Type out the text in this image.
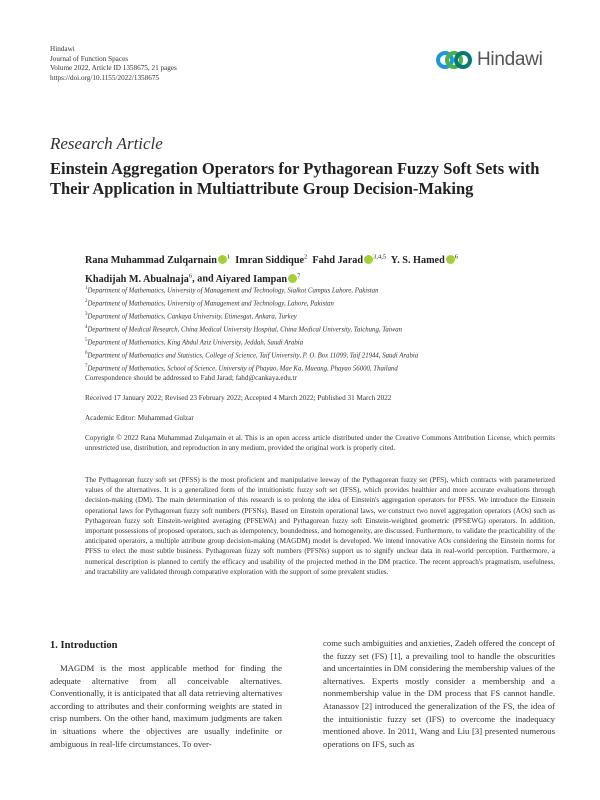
Hindawi
Journal of Function Spaces
Volume 2022, Article ID 1358675, 21 pages
https://doi.org/10.1155/2022/1358675
Hindawi
Research Article
Einstein Aggregation Operators for Pythagorean Fuzzy Soft Sets with Their Application in Multiattribute Group Decision-Making
Rana Muhammad Zulqarnain $^1$ Imran Siddique$^2$ Fahd Jarad $^{3,4,5}$ Y. S. Hamed $^6$
Khadijah M. Abualnaja$^6$, and Aiyared Iampan $^7$
$^1$Department of Mathematics, University of Management and Technology, Sialkot Campus Lahore, Pakistan
$^2$Department of Mathematics, University of Management and Technology, Lahore, Pakistan
$^3$Department of Mathematics, Cankaya University, Etimesgut, Ankara, Turkey
$^4$Department of Medical Research, China Medical University Hospital, China Medical University, Taichung, Taiwan
$^5$Department of Mathematics, King Abdul Aziz University, Jeddah, Saudi Arabia
$^6$Department of Mathematics and Statistics, College of Science, Taif University, P. O. Box 11099, Taif 21944, Saudi Arabia
$^7$Department of Mathematics, School of Science, University of Phayao, Mae Ka, Mueang, Phayao 56000, Thailand
Correspondence should be addressed to Fahd Jarad; fahd@cankaya.edu.tr
Received 17 January 2022; Revised 23 February 2022; Accepted 4 March 2022; Published 31 March 2022
Academic Editor: Muhammad Gulzar
Copyright © 2022 Rana Muhammad Zulqarnain et al. This is an open access article distributed under the Creative Commons Attribution License, which permits unrestricted use, distribution, and reproduction in any medium, provided the original work is properly cited.
The Pythagorean fuzzy soft set (PFSS) is the most proficient and manipulative leeway of the Pythagorean fuzzy set (PFS), which contracts with parameterized values of the alternatives. It is a generalized form of the intuitionistic fuzzy soft set (IFSS), which provides healthier and more accurate evaluations through decision-making (DM). The main determination of this research is to prolong the idea of Einstein's aggregation operators for PFSS. We introduce the Einstein operational laws for Pythagorean fuzzy soft numbers (PFSNs). Based on Einstein operational laws, we construct two novel aggregation operators (AOs) such as Pythagorean fuzzy soft Einstein-weighted averaging (PFSEWA) and Pythagorean fuzzy soft Einstein-weighted geometric (PFSEWG) operators. In addition, important possessions of proposed operators, such as idempotency, boundedness, and homogeneity, are discussed. Furthermore, to validate the practicability of the anticipated operators, a multiple attribute group decision-making (MAGDM) model is developed. We intend innovative AOs considering the Einstein norms for PFSS to elect the most subtle business. Pythagorean fuzzy soft numbers (PFSNs) support us to signify unclear data in real-world perception. Furthermore, a numerical description is planned to certify the efficacy and usability of the projected method in the DM practice. The recent approach's pragmatism, usefulness, and tractability are validated through comparative exploration with the support of some prevalent studies.
1. Introduction
MAGDM is the most applicable method for finding the adequate alternative from all conceivable alternatives. Conventionally, it is anticipated that all data retrieving alternatives according to attributes and their conforming weights are stated in crisp numbers. On the other hand, maximum judgments are taken in situations where the objectives are usually indefinite or ambiguous in real-life circumstances. To over-
come such ambiguities and anxieties, Zadeh offered the concept of the fuzzy set (FS) [1], a prevailing tool to handle the obscurities and uncertainties in DM considering the membership values of the alternatives. Experts mostly consider a membership and a nonmembership value in the DM process that FS cannot handle. Atanassov [2] introduced the generalization of the FS, the idea of the intuitionistic fuzzy set (IFS) to overcome the inadequacy mentioned above. In 2011, Wang and Liu [3] presented numerous operations on IFS, such as
